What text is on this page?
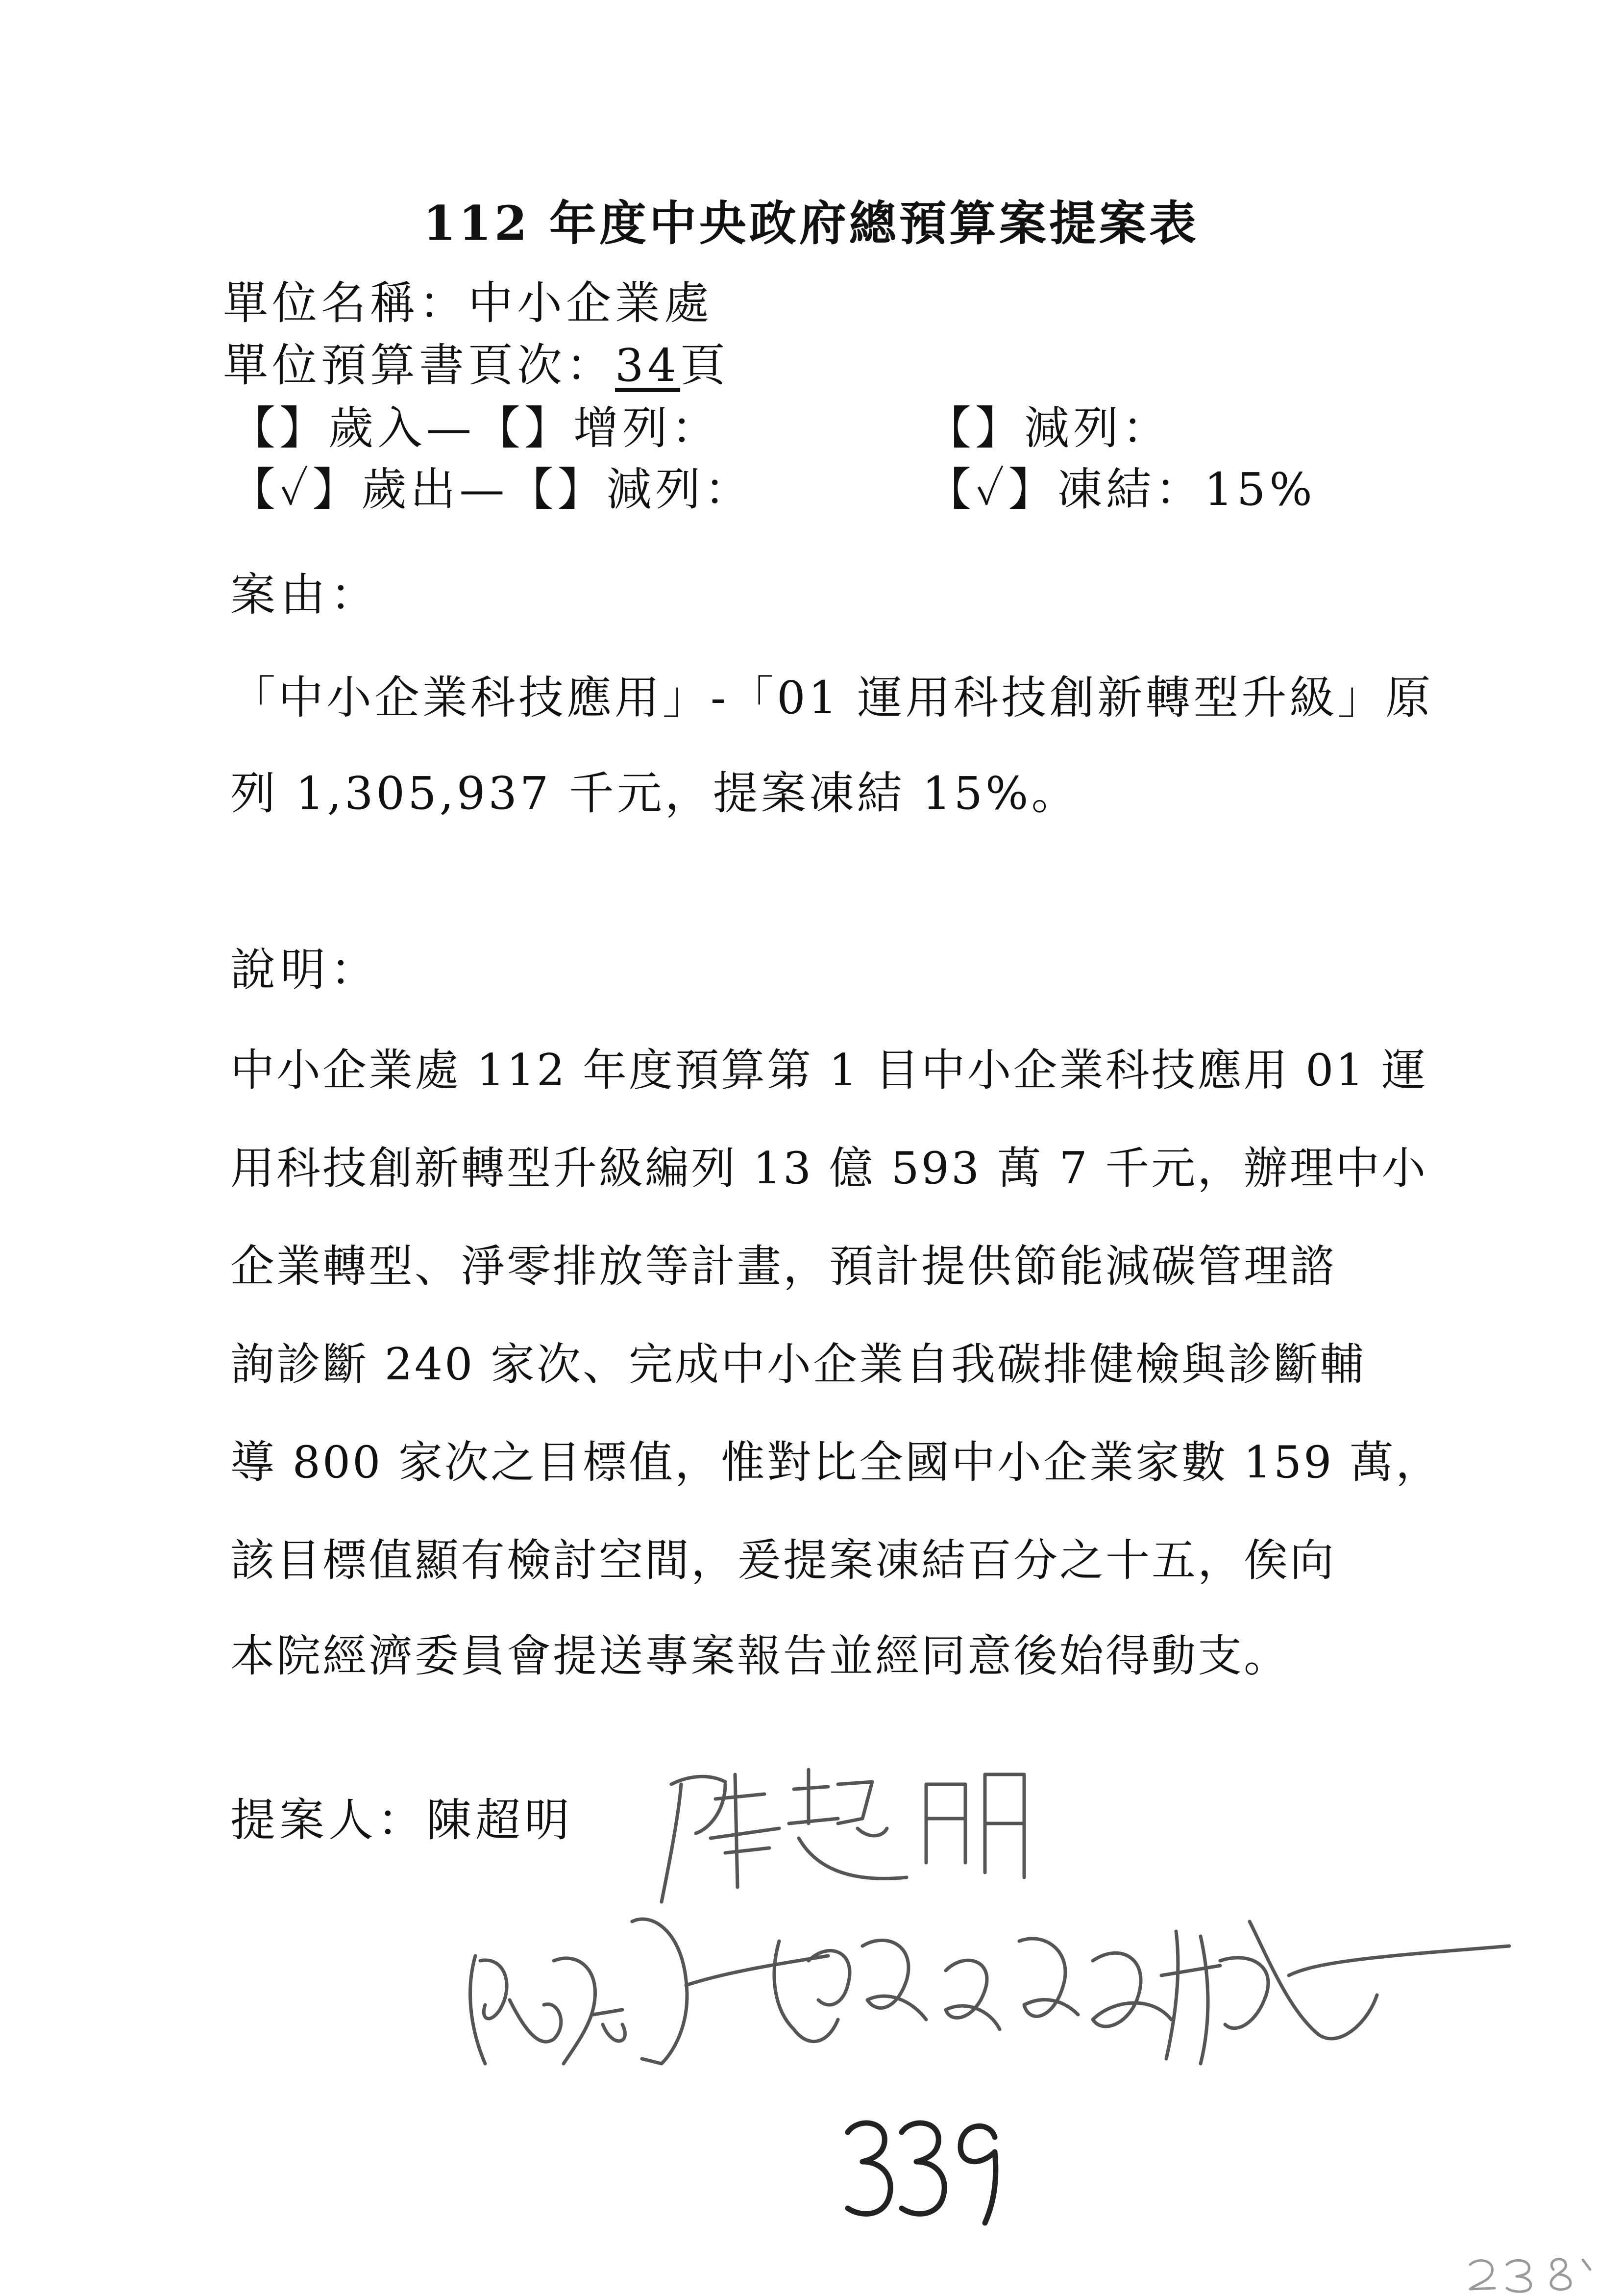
112 年度中央政府總預算案提案表
單位名稱：中小企業處
單位預算書頁次：34頁
【】歲入—【】增列：	【】減列：
【✓】歲出—【】減列：	【✓】凍結：15%
案由：
「中小企業科技應用」-「01 運用科技創新轉型升級」原
列 1,305,937 千元，提案凍結 15%。
說明：
中小企業處 112 年度預算第 1 目中小企業科技應用 01 運
用科技創新轉型升級編列 13 億 593 萬 7 千元，辦理中小
企業轉型、淨零排放等計畫，預計提供節能減碳管理諮
詢診斷 240 家次、完成中小企業自我碳排健檢與診斷輔
導 800 家次之目標值，惟對比全國中小企業家數 159 萬，
該目標值顯有檢討空間，爰提案凍結百分之十五，俟向
本院經濟委員會提送專案報告並經同意後始得動支。
提案人：陳超明
